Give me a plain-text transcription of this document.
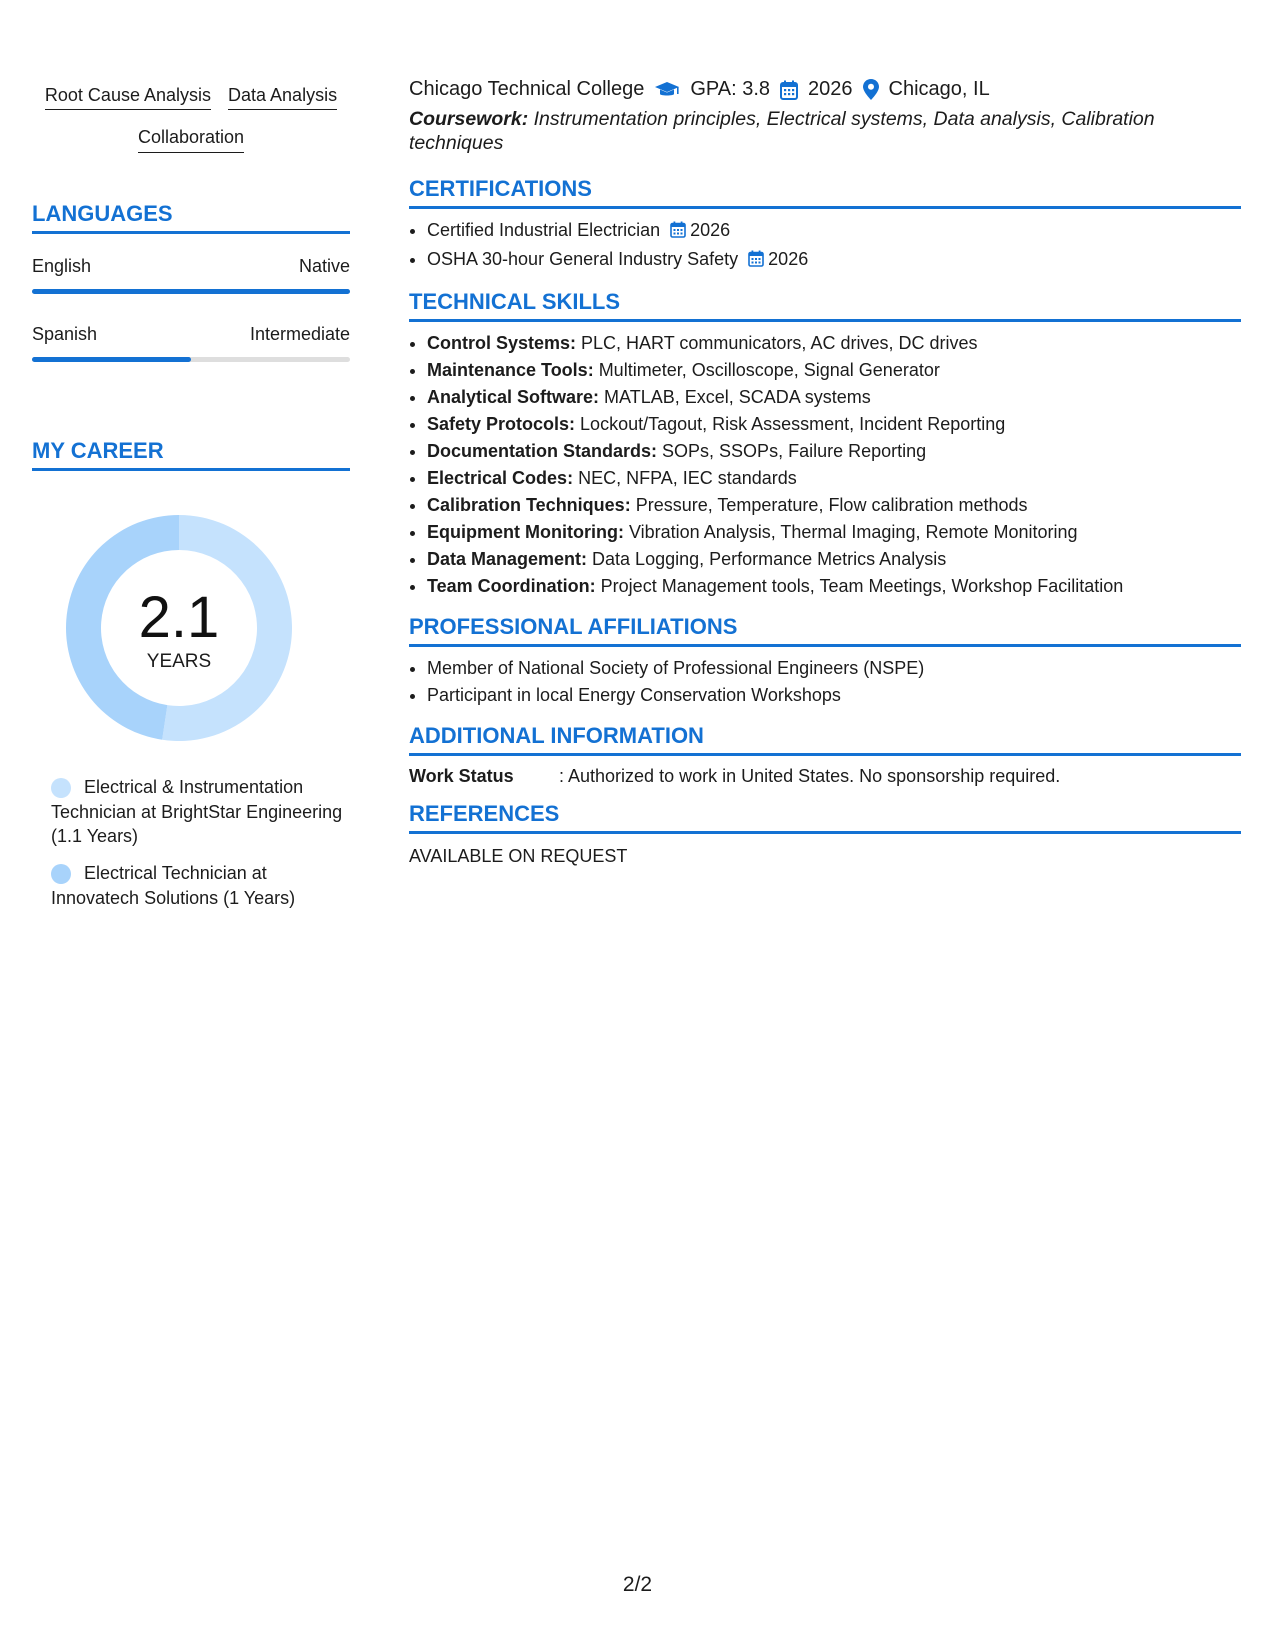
Root Cause Analysis Data Analysis
Collaboration
LANGUAGES
English	Native
Spanish	Intermediate
MY CAREER
2.1
YEARS
Electrical & Instrumentation Technician at BrightStar Engineering (1.1 Years)
Electrical Technician at Innovatech Solutions (1 Years)
Chicago Technical College GPA: 3.8 2026 Chicago, IL
Coursework: Instrumentation principles, Electrical systems, Data analysis, Calibration techniques
CERTIFICATIONS
• Certified Industrial Electrician 2026
• OSHA 30-hour General Industry Safety 2026
TECHNICAL SKILLS
• Control Systems: PLC, HART communicators, AC drives, DC drives
• Maintenance Tools: Multimeter, Oscilloscope, Signal Generator
• Analytical Software: MATLAB, Excel, SCADA systems
• Safety Protocols: Lockout/Tagout, Risk Assessment, Incident Reporting
• Documentation Standards: SOPs, SSOPs, Failure Reporting
• Electrical Codes: NEC, NFPA, IEC standards
• Calibration Techniques: Pressure, Temperature, Flow calibration methods
• Equipment Monitoring: Vibration Analysis, Thermal Imaging, Remote Monitoring
• Data Management: Data Logging, Performance Metrics Analysis
• Team Coordination: Project Management tools, Team Meetings, Workshop Facilitation
PROFESSIONAL AFFILIATIONS
• Member of National Society of Professional Engineers (NSPE)
• Participant in local Energy Conservation Workshops
ADDITIONAL INFORMATION
Work Status	: Authorized to work in United States. No sponsorship required.
REFERENCES
AVAILABLE ON REQUEST
2/2
